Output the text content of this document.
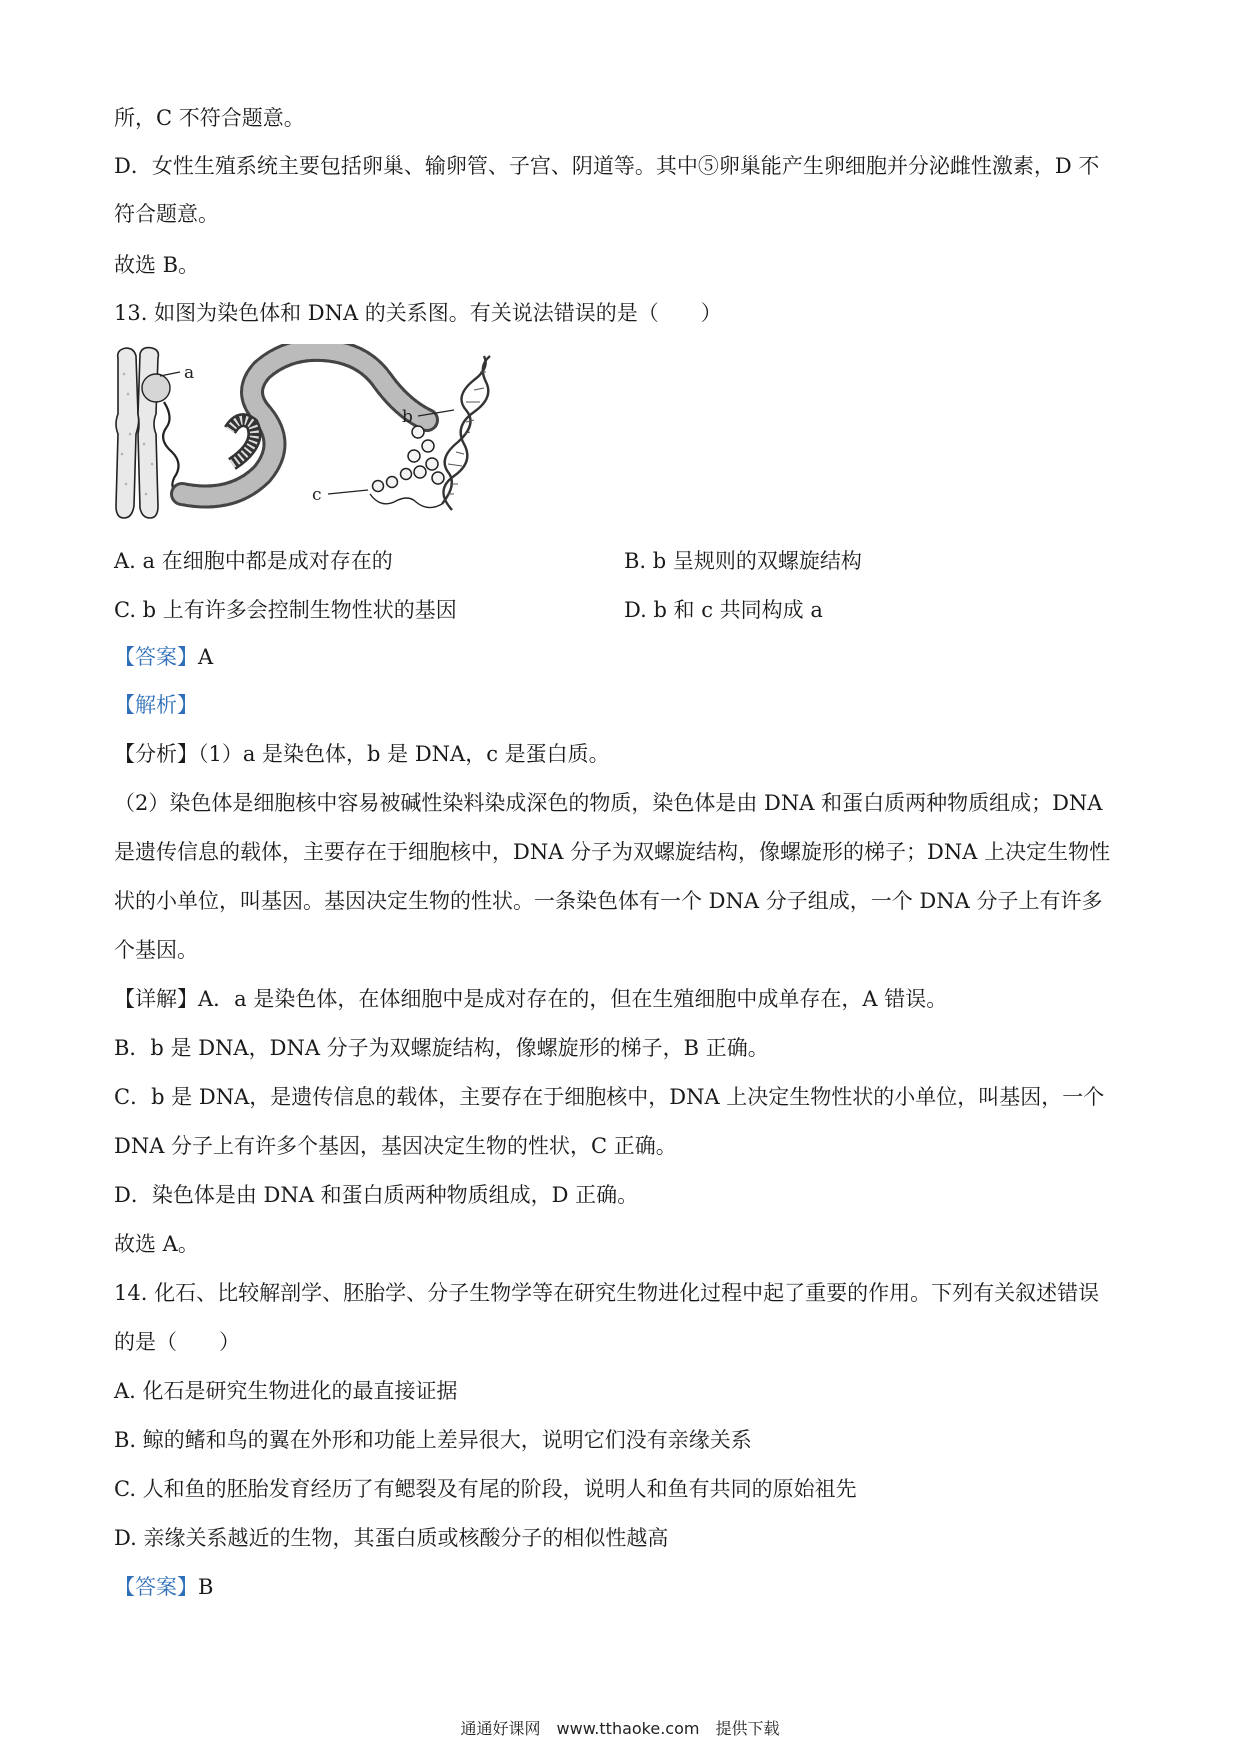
所，C 不符合题意。
D．女性生殖系统主要包括卵巢、输卵管、子宫、阴道等。其中⑤卵巢能产生卵细胞并分泌雌性激素，D 不
符合题意。
故选 B。
13. 如图为染色体和 DNA 的关系图。有关说法错误的是（　　）
a
c
b
A. a 在细胞中都是成对存在的	B. b 呈规则的双螺旋结构
C. b 上有许多会控制生物性状的基因	D. b 和 c 共同构成 a
【答案】A
【解析】
【分析】（1）a 是染色体，b 是 DNA，c 是蛋白质。
（2）染色体是细胞核中容易被碱性染料染成深色的物质，染色体是由 DNA 和蛋白质两种物质组成；DNA
是遗传信息的载体，主要存在于细胞核中，DNA 分子为双螺旋结构，像螺旋形的梯子；DNA 上决定生物性
状的小单位，叫基因。基因决定生物的性状。一条染色体有一个 DNA 分子组成，一个 DNA 分子上有许多
个基因。
【详解】A．a 是染色体，在体细胞中是成对存在的，但在生殖细胞中成单存在，A 错误。
B．b 是 DNA，DNA 分子为双螺旋结构，像螺旋形的梯子，B 正确。
C．b 是 DNA，是遗传信息的载体，主要存在于细胞核中，DNA 上决定生物性状的小单位，叫基因，一个
DNA 分子上有许多个基因，基因决定生物的性状，C 正确。
D．染色体是由 DNA 和蛋白质两种物质组成，D 正确。
故选 A。
14. 化石、比较解剖学、胚胎学、分子生物学等在研究生物进化过程中起了重要的作用。下列有关叙述错误
的是（　　）
A. 化石是研究生物进化的最直接证据
B. 鲸的鳍和鸟的翼在外形和功能上差异很大，说明它们没有亲缘关系
C. 人和鱼的胚胎发育经历了有鳃裂及有尾的阶段，说明人和鱼有共同的原始祖先
D. 亲缘关系越近的生物，其蛋白质或核酸分子的相似性越高
【答案】B
通通好课网　www.tthaoke.com　提供下载
